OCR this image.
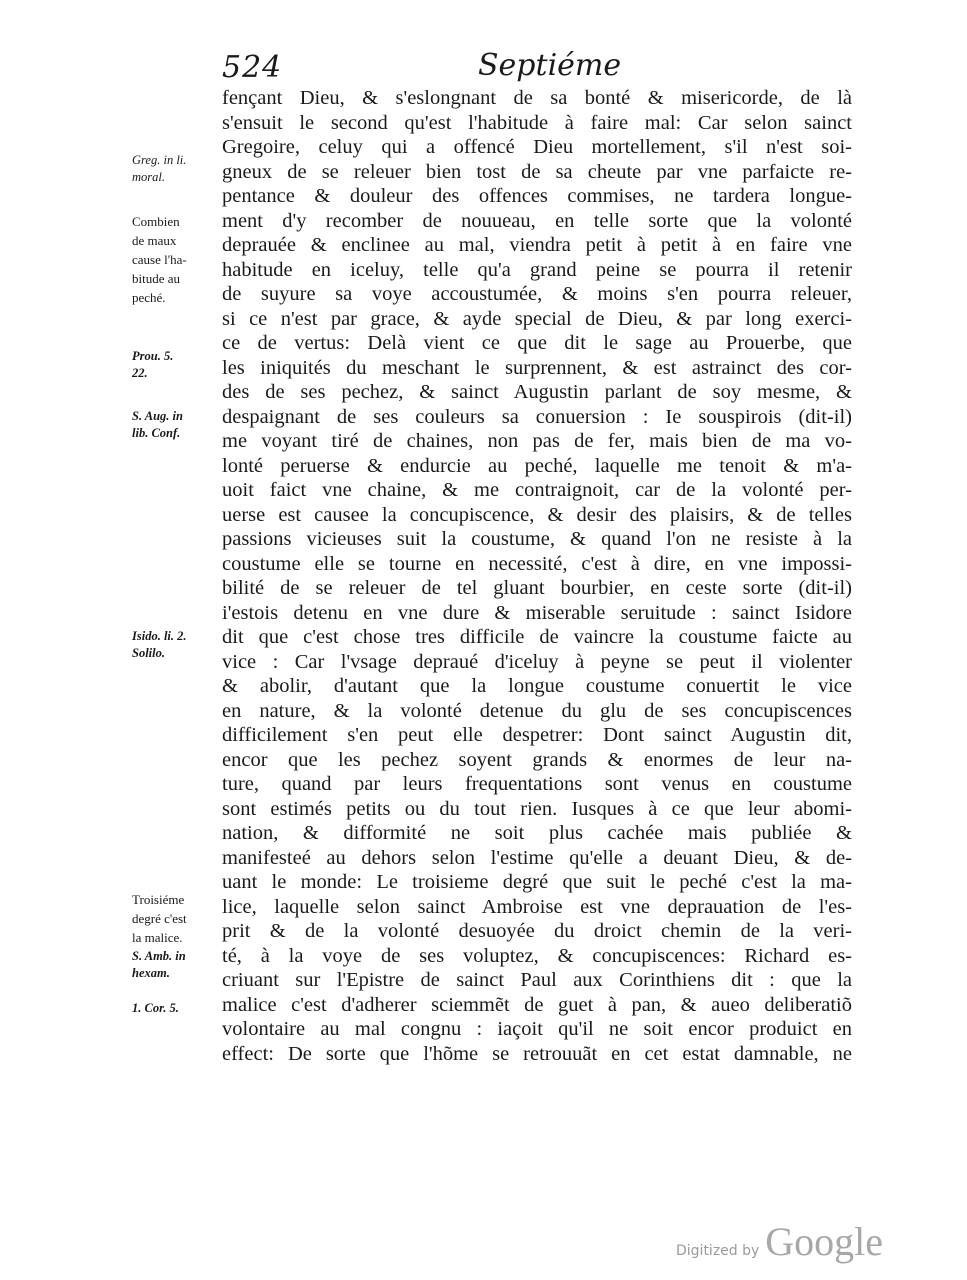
524	Septiéme
fençant Dieu, & s'eslongnant de sa bonté & misericorde, de là
s'ensuit le second qu'est l'habitude à faire mal: Car selon sainct
Gregoire, celuy qui a offencé Dieu mortellement, s'il n'est soi-
gneux de se releuer bien tost de sa cheute par vne parfaicte re-
pentance & douleur des offences commises, ne tardera longue-
ment d'y recomber de nouueau, en telle sorte que la volonté
deprauée & enclinee au mal, viendra petit à petit à en faire vne
habitude en iceluy, telle qu'a grand peine se pourra il retenir
de suyure sa voye accoustumée, & moins s'en pourra releuer,
si ce n'est par grace, & ayde special de Dieu, & par long exerci-
ce de vertus: Delà vient ce que dit le sage au Prouerbe, que
les iniquités du meschant le surprennent, & est astrainct des cor-
des de ses pechez, & sainct Augustin parlant de soy mesme, &
despaignant de ses couleurs sa conuersion : Ie souspirois (dit-il)
me voyant tiré de chaines, non pas de fer, mais bien de ma vo-
lonté peruerse & endurcie au peché, laquelle me tenoit & m'a-
uoit faict vne chaine, & me contraignoit, car de la volonté per-
uerse est causee la concupiscence, & desir des plaisirs, & de telles
passions vicieuses suit la coustume, & quand l'on ne resiste à la
coustume elle se tourne en necessité, c'est à dire, en vne impossi-
bilité de se releuer de tel gluant bourbier, en ceste sorte (dit-il)
i'estois detenu en vne dure & miserable seruitude : sainct Isidore
dit que c'est chose tres difficile de vaincre la coustume faicte au
vice : Car l'vsage depraué d'iceluy à peyne se peut il violenter
& abolir, d'autant que la longue coustume conuertit le vice
en nature, & la volonté detenue du glu de ses concupiscences
difficilement s'en peut elle despetrer: Dont sainct Augustin dit,
encor que les pechez soyent grands & enormes de leur na-
ture, quand par leurs frequentations sont venus en coustume
sont estimés petits ou du tout rien. Iusques à ce que leur abomi-
nation, & difformité ne soit plus cachée mais publiée &
manifesteé au dehors selon l'estime qu'elle a deuant Dieu, & de-
uant le monde: Le troisieme degré que suit le peché c'est la ma-
lice, laquelle selon sainct Ambroise est vne deprauation de l'es-
prit & de la volonté desuoyée du droict chemin de la veri-
té, à la voye de ses voluptez, & concupiscences: Richard es-
criuant sur l'Epistre de sainct Paul aux Corinthiens dit : que la
malice c'est d'adherer sciemmẽt de guet à pan, & aueo deliberatiõ
volontaire au mal congnu : iaçoit qu'il ne soit encor produict en
effect: De sorte que l'hõme se retrouuãt en cet estat damnable, ne
Greg. in li.
moral.
Combien
de maux
cause l'ha-
bitude au
peché.
Prou. 5.
22.
S. Aug. in
lib. Conf.
Isido. li. 2.
Solilo.
Troisiéme
degré c'est
la malice.
S. Amb. in
hexam.
1. Cor. 5.
Digitized by Google
